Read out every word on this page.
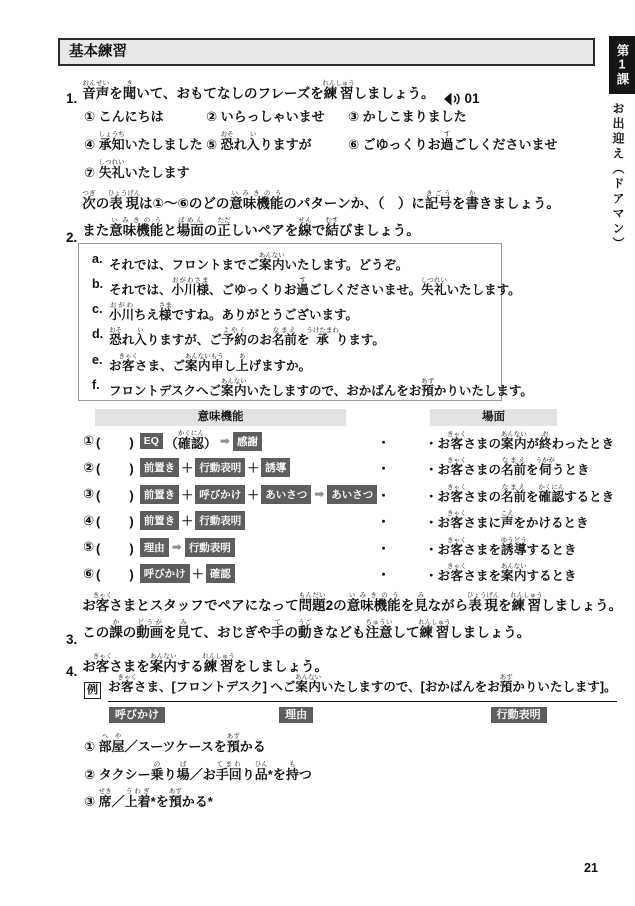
基本練習	第1課
お出迎え（ドアマン）
1. 音声おんせいを聞きいて、おもてなしのフレーズを練習れんしゅうしましょう。 01
① こんにちは	② いらっしゃいませ	③ かしこまりました
④ 承知しょうちいたしました ⑤ 恐おそれ入いりますが	⑥ ごゆっくりお過すごしくださいませ
⑦ 失礼しつれいいたします
2.
次つぎの表現ひょうげんは①～⑥のどの意味機能いみきのうのパターンか、（　）に記号きごうを書かきましょう。
また意味機能いみきのうと場面ばめんの正ただしいペアを線せんで結むすびましょう。
a. それでは、フロントまでご案内あんないいたします。どうぞ。
b. それでは、小川様おがわさま、ごゆっくりお過すごしくださいませ。失礼しつれいいたします。
c. 小川おがわちえ様さまですね。ありがとうございます。
d. 恐おそれ入いりますが、ご予約よやくのお名前なまえを承うけたまわります。
e. お客きゃくさま、ご案内申あんないもうし上あげますか。
f. フロントデスクへご案内あんないいたしますので、おかばんをお預あずかりいたします。
意味機能	場面
① (　　) EQ （確認かくにん） ➡ 感謝	・	・お客きゃくさまの案内あんないが終おわったとき
② (　　) 前置き ＋ 行動表明 ＋ 誘導	・	・お客きゃくさまの名前なまえを伺うかがうとき
③ (　　) 前置き ＋ 呼びかけ ＋ あいさつ ➡ あいさつ ・	・お客きゃくさまの名前なまえを確認かくにんするとき
④ (　　) 前置き ＋ 行動表明	・	・お客きゃくさまに声こえをかけるとき
⑤ (　　) 理由 ➡ 行動表明	・	・お客きゃくさまを誘導ゆうどうするとき
⑥ (　　) 呼びかけ ＋ 確認	・	・お客きゃくさまを案内あんないするとき
3.
お客きゃくさまとスタッフでペアになって問題もんだい2の意味機能いみきのうを見みながら表現ひょうげんを練習れんしゅうしましょう。
この課かの動画どうがを見みて、おじぎや手ての動うごきなども注意ちゅういして練習れんしゅうしましょう。
4. お客きゃくさまを案内あんないする練習れんしゅうをしましょう。
例 お客きゃくさま、
呼びかけ
[フロントデスク] へご案内あんないいたしますので、
理由
[おかばんをお預あずかりいたします]。
行動表明
① 部屋へや／スーツケースを預あずかる
② タクシー乗のり場ば／お手回てまわり品ひん*を持もつ
③ 席せき／上着うわぎ*を預あずかる*
21
